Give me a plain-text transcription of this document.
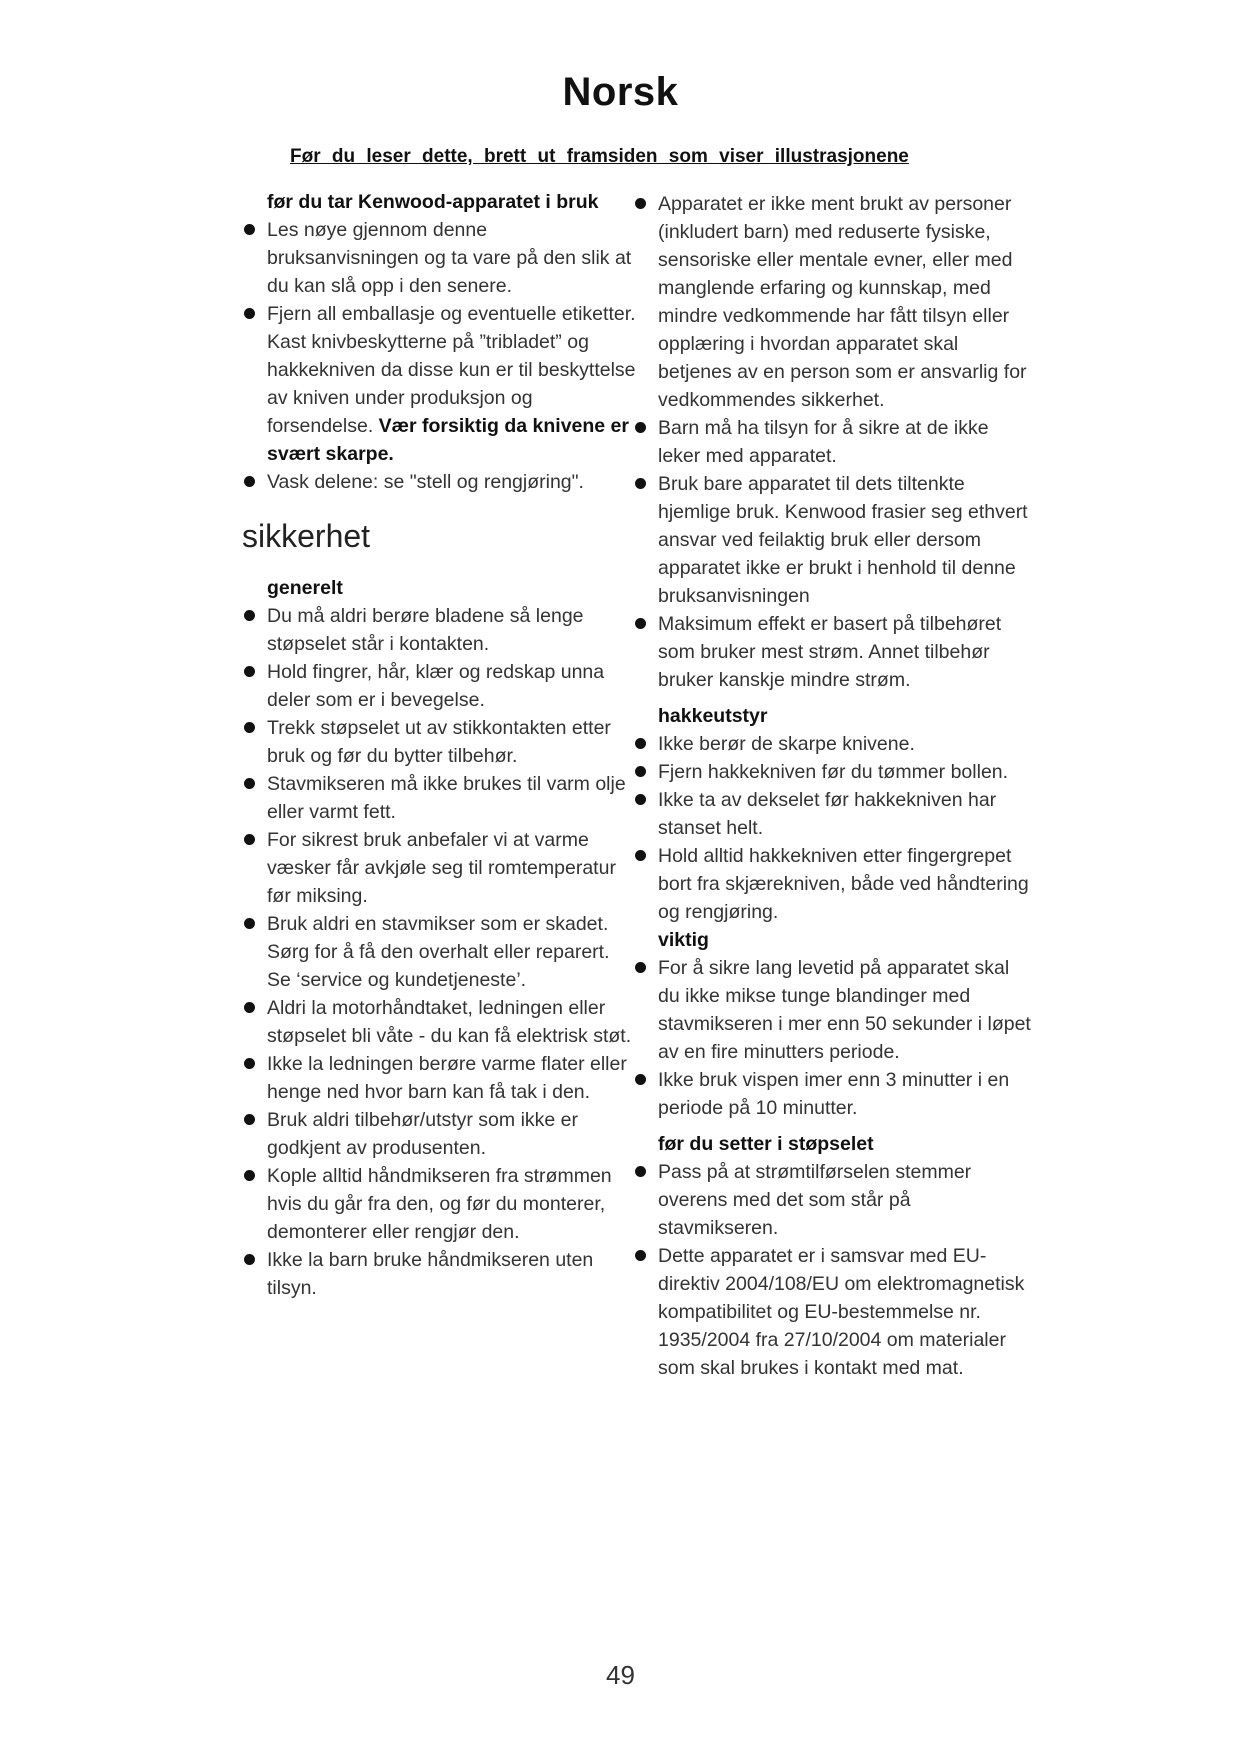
Norsk
Før du leser dette, brett ut framsiden som viser illustrasjonene

før du tar Kenwood-apparatet i bruk

Les nøye gjennom denne bruksanvisningen og ta vare på den slik at du kan slå opp i den senere.
Fjern all emballasje og eventuelle etiketter. Kast knivbeskytterne på ”tribladet” og hakkekniven da disse kun er til beskyttelse av kniven under produksjon og forsendelse. Vær forsiktig da knivene er svært skarpe.
Vask delene: se "stell og rengjøring".
sikkerhet

generelt

Du må aldri berøre bladene så lenge støpselet står i kontakten.
Hold fingrer, hår, klær og redskap unna deler som er i bevegelse.
Trekk støpselet ut av stikkontakten etter bruk og før du bytter tilbehør.
Stavmikseren må ikke brukes til varm olje eller varmt fett.
For sikrest bruk anbefaler vi at varme væsker får avkjøle seg til romtemperatur før miksing.
Bruk aldri en stavmikser som er skadet. Sørg for å få den overhalt eller reparert. Se ‘service og kundetjeneste’.
Aldri la motorhåndtaket, ledningen eller støpselet bli våte - du kan få elektrisk støt.
Ikke la ledningen berøre varme flater eller henge ned hvor barn kan få tak i den.
Bruk aldri tilbehør/utstyr som ikke er godkjent av produsenten.
Kople alltid håndmikseren fra strømmen hvis du går fra den, og før du monterer, demonterer eller rengjør den.
Ikke la barn bruke håndmikseren uten tilsyn.
Apparatet er ikke ment brukt av personer (inkludert barn) med reduserte fysiske, sensoriske eller mentale evner, eller med manglende erfaring og kunnskap, med mindre vedkommende har fått tilsyn eller opplæring i hvordan apparatet skal betjenes av en person som er ansvarlig for vedkommendes sikkerhet.
Barn må ha tilsyn for å sikre at de ikke leker med apparatet.
Bruk bare apparatet til dets tiltenkte hjemlige bruk. Kenwood frasier seg ethvert ansvar ved feilaktig bruk eller dersom apparatet ikke er brukt i henhold til denne bruksanvisningen
Maksimum effekt er basert på tilbehøret som bruker mest strøm. Annet tilbehør bruker kanskje mindre strøm.

hakkeutstyr

Ikke berør de skarpe knivene.
Fjern hakkekniven før du tømmer bollen.
Ikke ta av dekselet før hakkekniven har stanset helt.
Hold alltid hakkekniven etter fingergrepet bort fra skjærekniven, både ved håndtering og rengjøring.

viktig

For å sikre lang levetid på apparatet skal du ikke mikse tunge blandinger med stavmikseren i mer enn 50 sekunder i løpet av en fire minutters periode.
Ikke bruk vispen imer enn 3 minutter i en periode på 10 minutter.

før du setter i støpselet

Pass på at strømtilførselen stemmer overens med det som står på stavmikseren.
Dette apparatet er i samsvar med EU-direktiv 2004/108/EU om elektromagnetisk kompatibilitet og EU-bestemmelse nr. 1935/2004 fra 27/10/2004 om materialer som skal brukes i kontakt med mat.
49
